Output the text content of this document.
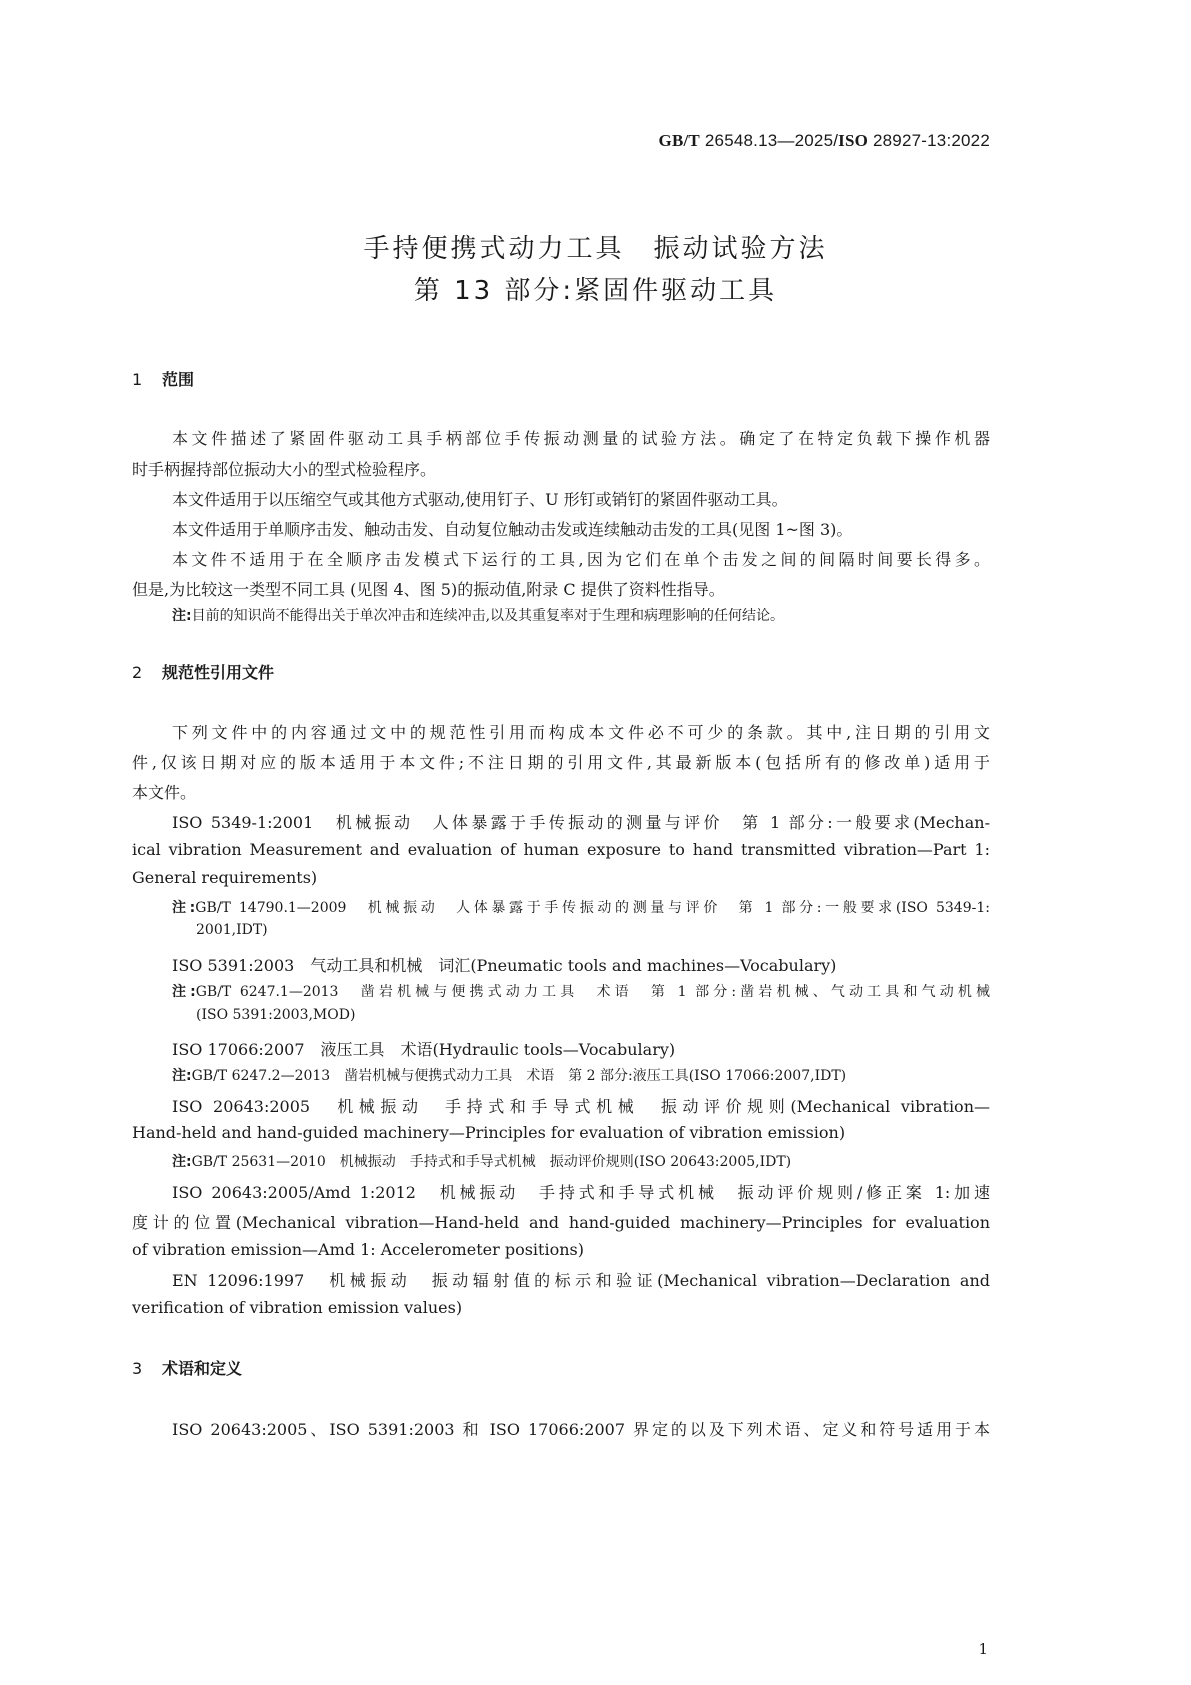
GB/T 26548.13—2025/ISO 28927-13:2022
手持便携式动力工具　振动试验方法
第 13 部分:紧固件驱动工具
1 范围
本文件描述了紧固件驱动工具手柄部位手传振动测量的试验方法。确定了在特定负载下操作机器
时手柄握持部位振动大小的型式检验程序。
本文件适用于以压缩空气或其他方式驱动,使用钉子、U 形钉或销钉的紧固件驱动工具。
本文件适用于单顺序击发、触动击发、自动复位触动击发或连续触动击发的工具(见图 1~图 3)。
本文件不适用于在全顺序击发模式下运行的工具,因为它们在单个击发之间的间隔时间要长得多。
但是,为比较这一类型不同工具 (见图 4、图 5)的振动值,附录 C 提供了资料性指导。
注:目前的知识尚不能得出关于单次冲击和连续冲击,以及其重复率对于生理和病理影响的任何结论。
2 规范性引用文件
下列文件中的内容通过文中的规范性引用而构成本文件必不可少的条款。其中,注日期的引用文
件,仅该日期对应的版本适用于本文件;不注日期的引用文件,其最新版本(包括所有的修改单)适用于
本文件。
ISO 5349-1:2001　机械振动　人体暴露于手传振动的测量与评价　第 1 部分:一般要求(Mechan-
ical vibration Measurement and evaluation of human exposure to hand transmitted vibration—Part 1:
General requirements)
注:GB/T 14790.1—2009　机械振动　人体暴露于手传振动的测量与评价　第 1 部分:一般要求(ISO 5349-1:
2001,IDT)
ISO 5391:2003　气动工具和机械　词汇(Pneumatic tools and machines—Vocabulary)
注:GB/T 6247.1—2013　凿岩机械与便携式动力工具　术语　第 1 部分:凿岩机械、气动工具和气动机械
(ISO 5391:2003,MOD)
ISO 17066:2007　液压工具　术语(Hydraulic tools—Vocabulary)
注:GB/T 6247.2—2013　凿岩机械与便携式动力工具　术语　第 2 部分:液压工具(ISO 17066:2007,IDT)
ISO 20643:2005　机械振动　手持式和手导式机械　振动评价规则(Mechanical vibration—
Hand-held and hand-guided machinery—Principles for evaluation of vibration emission)
注:GB/T 25631—2010　机械振动　手持式和手导式机械　振动评价规则(ISO 20643:2005,IDT)
ISO 20643:2005/Amd 1:2012　机械振动　手持式和手导式机械　振动评价规则/修正案 1:加速
度计的位置(Mechanical vibration—Hand-held and hand-guided machinery—Principles for evaluation
of vibration emission—Amd 1: Accelerometer positions)
EN 12096:1997　机械振动　振动辐射值的标示和验证(Mechanical vibration—Declaration and
verification of vibration emission values)
3 术语和定义
ISO 20643:2005、ISO 5391:2003 和 ISO 17066:2007 界定的以及下列术语、定义和符号适用于本
1
